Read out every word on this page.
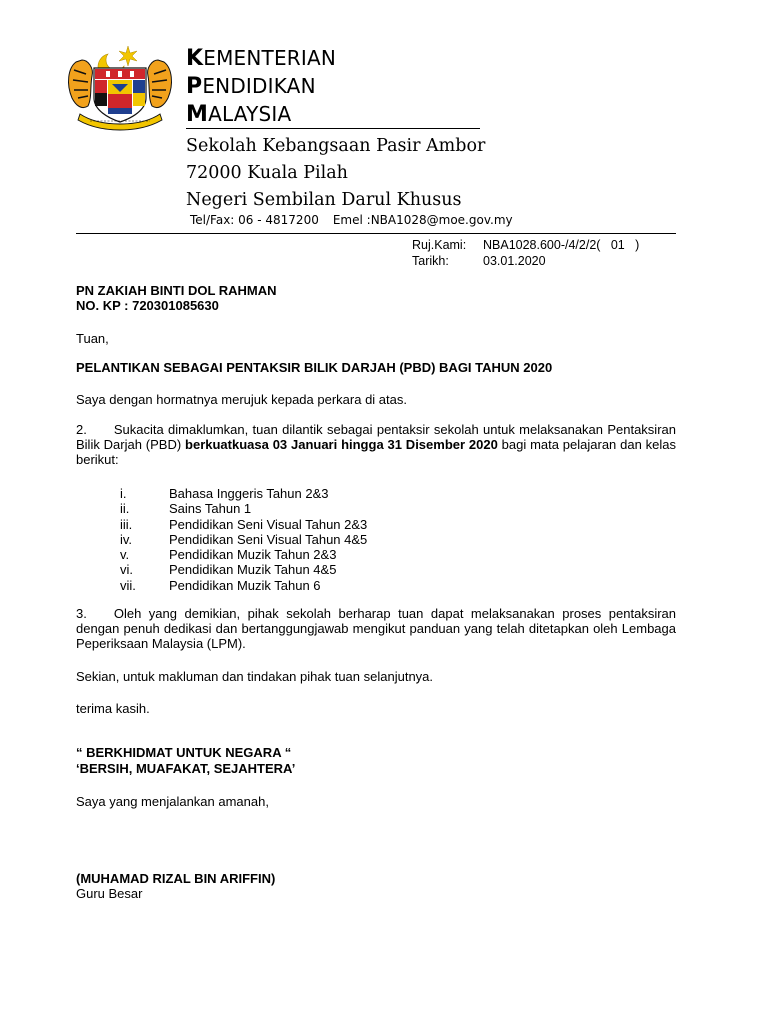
KEMENTERIAN
PENDIDIKAN
MALAYSIA
Sekolah Kebangsaan Pasir Ambor
72000 Kuala Pilah
Negeri Sembilan Darul Khusus
Tel/Fax: 06 - 4817200 Emel :NBA1028@moe.gov.my
Ruj.Kami:	NBA1028.600-/4/2/2(   01   )
Tarikh:	03.01.2020
PN ZAKIAH BINTI DOL RAHMAN
NO. KP : 720301085630
Tuan,
PELANTIKAN SEBAGAI PENTAKSIR BILIK DARJAH (PBD) BAGI TAHUN 2020
Saya dengan hormatnya merujuk kepada perkara di atas.
2. Sukacita dimaklumkan, tuan dilantik sebagai pentaksir sekolah untuk melaksanakan Pentaksiran Bilik Darjah (PBD) berkuatkuasa 03 Januari hingga 31 Disember 2020 bagi mata pelajaran dan kelas berikut:
i.	Bahasa Inggeris Tahun 2&3
ii.	Sains Tahun 1
iii.	Pendidikan Seni Visual Tahun 2&3
iv.	Pendidikan Seni Visual Tahun 4&5
v.	Pendidikan Muzik Tahun 2&3
vi.	Pendidikan Muzik Tahun 4&5
vii.	Pendidikan Muzik Tahun 6
3. Oleh yang demikian, pihak sekolah berharap tuan dapat melaksanakan proses pentaksiran dengan penuh dedikasi dan bertanggungjawab mengikut panduan yang telah ditetapkan oleh Lembaga Peperiksaan Malaysia (LPM).
Sekian, untuk makluman dan tindakan pihak tuan selanjutnya.
terima kasih.
“ BERKHIDMAT UNTUK NEGARA “
‘BERSIH, MUAFAKAT, SEJAHTERA’
Saya yang menjalankan amanah,
(MUHAMAD RIZAL BIN ARIFFIN)
Guru Besar
